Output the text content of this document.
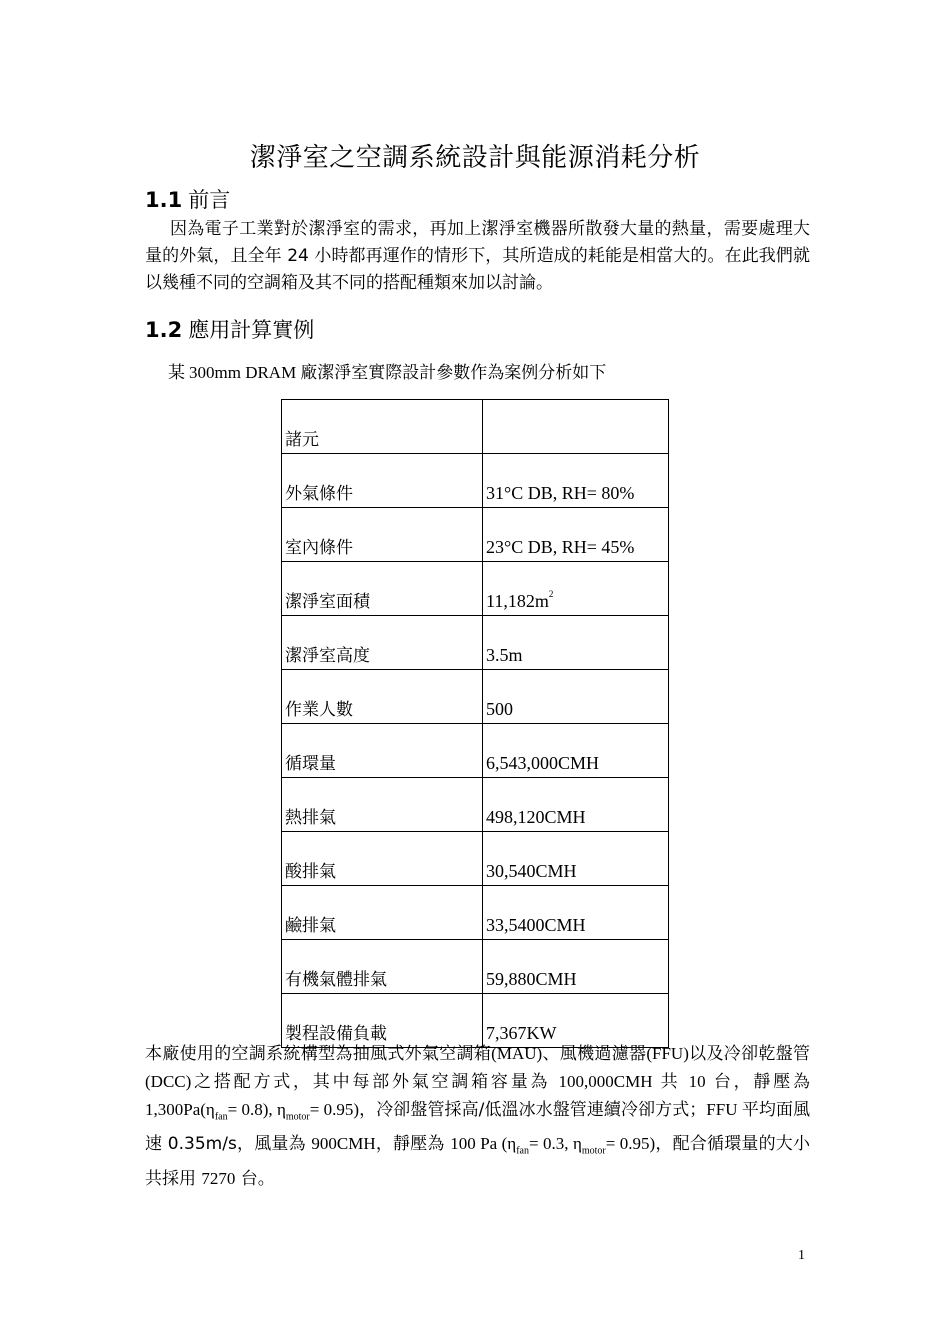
潔淨室之空調系統設計與能源消耗分析
1.1 前言
因為電子工業對於潔淨室的需求，再加上潔淨室機器所散發大量的熱量，需要處理大量的外氣，且全年 24 小時都再運作的情形下，其所造成的耗能是相當大的。在此我們就以幾種不同的空調箱及其不同的搭配種類來加以討論。
1.2 應用計算實例
某 300mm DRAM 廠潔淨室實際設計參數作為案例分析如下
諸元	
外氣條件	31°C DB, RH= 80%
室內條件	23°C DB, RH= 45%
潔淨室面積	$11,182m^2$
潔淨室高度	3.5m
作業人數	500
循環量	6,543,000CMH
熱排氣	498,120CMH
酸排氣	30,540CMH
鹼排氣	33,5400CMH
有機氣體排氣	59,880CMH
製程設備負載	7,367KW
本廠使用的空調系統構型為抽風式外氣空調箱(MAU)、風機過濾器(FFU)以及冷卻乾盤管(DCC)之搭配方式，其中每部外氣空調箱容量為 100,000CMH 共 10 台，靜壓為 $1,300Pa(\eta_{fan}= 0.8)$, $\eta_{motor}= 0.95$)，冷卻盤管採高/低溫冰水盤管連續冷卻方式；FFU 平均面風速 0.35m/s，風量為 900CMH，靜壓為 100 Pa ($\eta_{fan}= 0.3$, $\eta_{motor}= 0.95$)，配合循環量的大小共採用 7270 台。
1
